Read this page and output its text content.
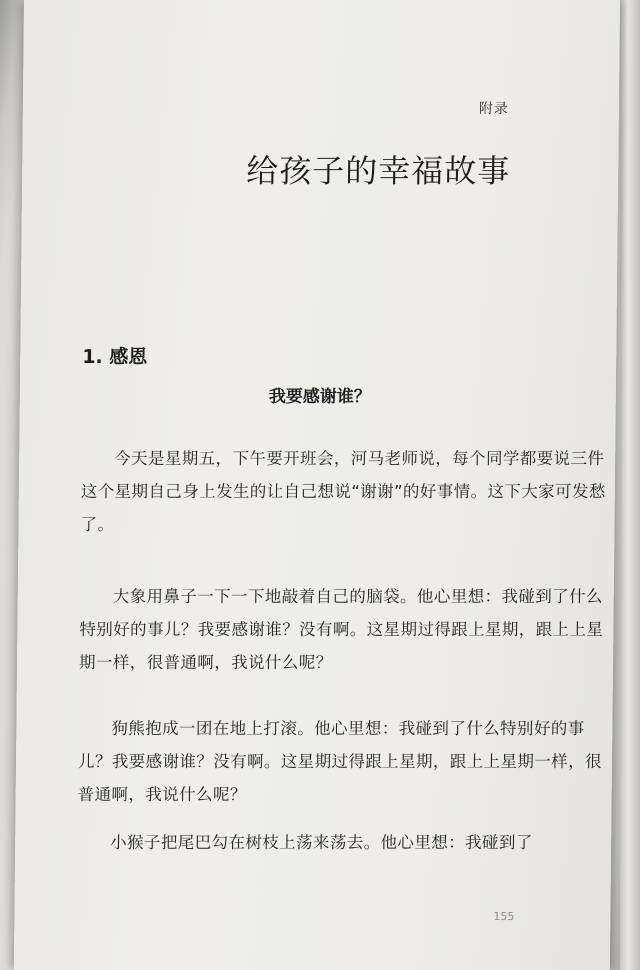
附录
给孩子的幸福故事
1. 感恩
我要感谢谁？

今天是星期五，下午要开班会，河马老师说，每个同学都要说三件这个星期自己身上发生的让自己想说“谢谢”的好事情。这下大家可发愁了。

大象用鼻子一下一下地敲着自己的脑袋。他心里想：我碰到了什么特别好的事儿？我要感谢谁？没有啊。这星期过得跟上星期，跟上上星期一样，很普通啊，我说什么呢？

狗熊抱成一团在地上打滚。他心里想：我碰到了什么特别好的事儿？我要感谢谁？没有啊。这星期过得跟上星期，跟上上星期一样，很普通啊，我说什么呢？

小猴子把尾巴勾在树枝上荡来荡去。他心里想：我碰到了

155
